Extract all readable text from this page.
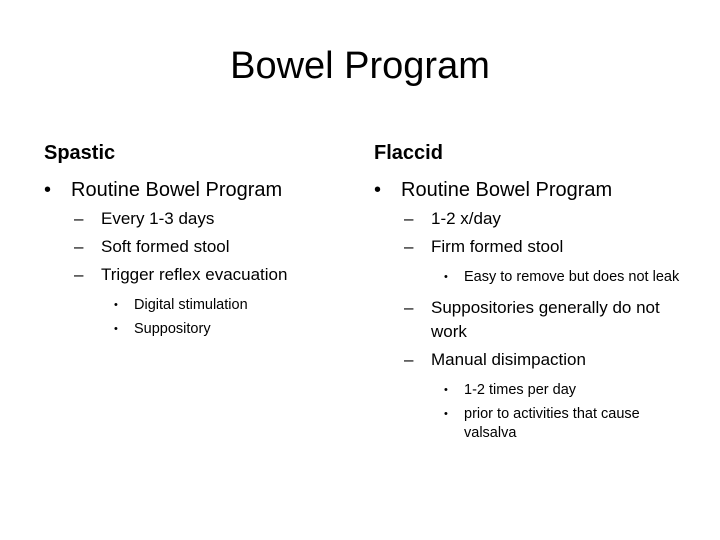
Bowel Program
Spastic
• Routine Bowel Program
– Every 1-3 days
– Soft formed stool
– Trigger reflex evacuation
• Digital stimulation
• Suppository
Flaccid
• Routine Bowel Program
– 1-2 x/day
– Firm formed stool
• Easy to remove but does not leak
– Suppositories generally do not work
– Manual disimpaction
• 1-2 times per day
• prior to activities that cause valsalva
